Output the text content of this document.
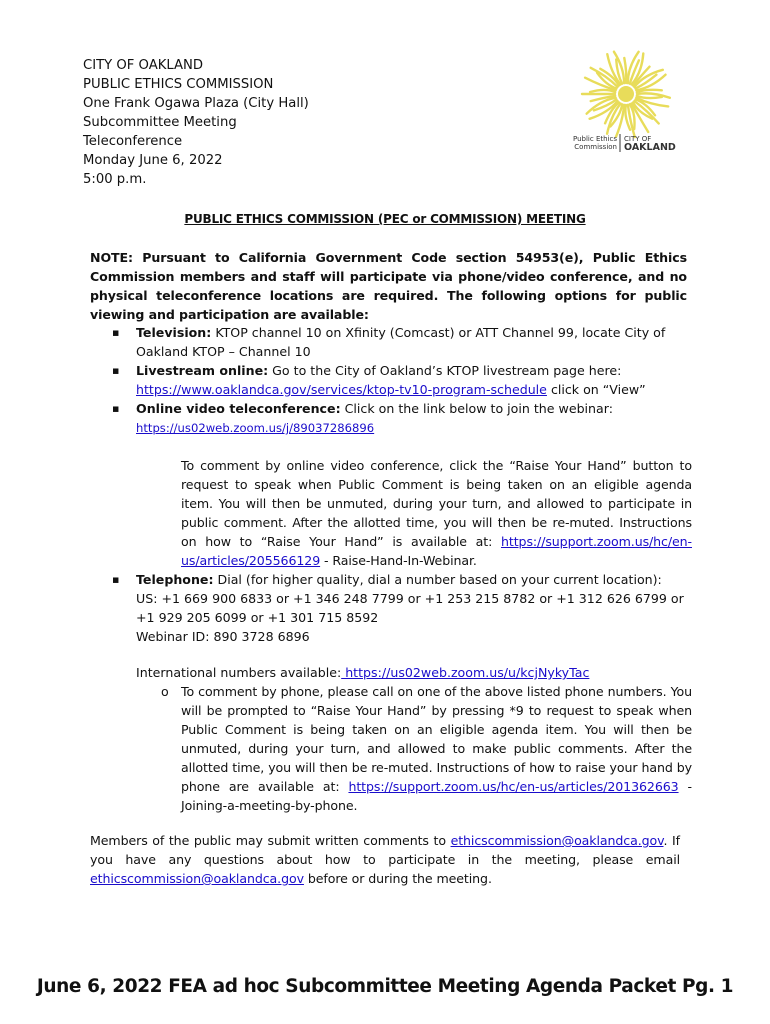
CITY OF OAKLAND
PUBLIC ETHICS COMMISSION
One Frank Ogawa Plaza (City Hall)
Subcommittee Meeting
Teleconference
Monday June 6, 2022
5:00 p.m.
Public Ethics
Commission
CITY OF
OAKLAND
PUBLIC ETHICS COMMISSION (PEC or COMMISSION) MEETING
NOTE: Pursuant to California Government Code section 54953(e), Public Ethics Commission members and staff will participate via phone/video conference, and no physical teleconference locations are required. The following options for public viewing and participation are available:
▪ Television: KTOP channel 10 on Xfinity (Comcast) or ATT Channel 99, locate City of Oakland KTOP – Channel 10
▪ Livestream online: Go to the City of Oakland’s KTOP livestream page here:
https://www.oaklandca.gov/services/ktop-tv10-program-schedule click on “View”
▪ Online video teleconference: Click on the link below to join the webinar:
https://us02web.zoom.us/j/89037286896
To comment by online video conference, click the “Raise Your Hand” button to request to speak when Public Comment is being taken on an eligible agenda item. You will then be unmuted, during your turn, and allowed to participate in public comment. After the allotted time, you will then be re-muted. Instructions on how to “Raise Your Hand” is available at: https://support.zoom.us/hc/en-us/articles/205566129 - Raise-Hand-In-Webinar.
▪ Telephone: Dial (for higher quality, dial a number based on your current location):
US: +1 669 900 6833 or +1 346 248 7799 or +1 253 215 8782 or +1 312 626 6799 or +1 929 205 6099 or +1 301 715 8592
Webinar ID: 890 3728 6896
International numbers available: https://us02web.zoom.us/u/kcjNykyTac
o To comment by phone, please call on one of the above listed phone numbers. You will be prompted to “Raise Your Hand” by pressing *9 to request to speak when Public Comment is being taken on an eligible agenda item. You will then be unmuted, during your turn, and allowed to make public comments. After the allotted time, you will then be re-muted. Instructions of how to raise your hand by phone are available at: https://support.zoom.us/hc/en-us/articles/201362663 - Joining-a-meeting-by-phone.
Members of the public may submit written comments to ethicscommission@oaklandca.gov. If you have any questions about how to participate in the meeting, please email ethicscommission@oaklandca.gov before or during the meeting.
June 6, 2022 FEA ad hoc Subcommittee Meeting Agenda Packet Pg. 1
